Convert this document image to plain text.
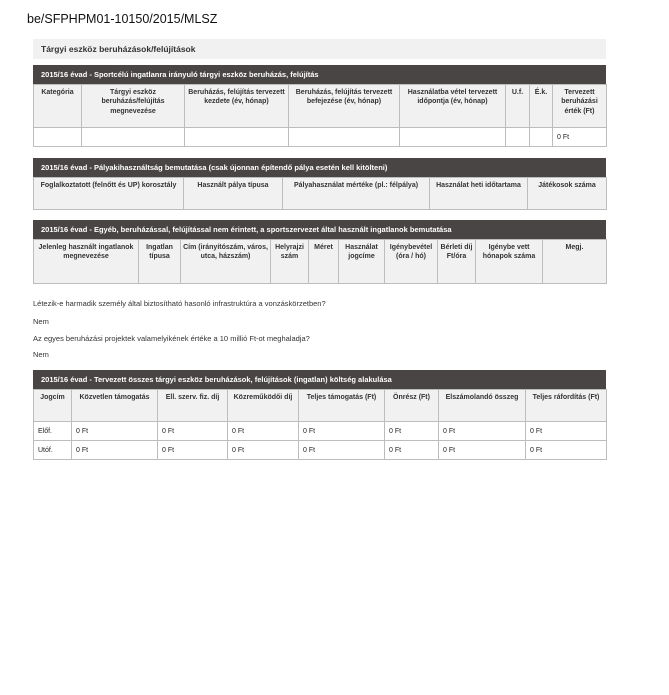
be/SFPHPM01-10150/2015/MLSZ
Tárgyi eszköz beruházások/felújítások
2015/16 évad - Sportcélú ingatlanra irányuló tárgyi eszköz beruházás, felújítás
Kategória	Tárgyi eszköz beruházás/felújítás megnevezése	Beruházás, felújítás tervezett kezdete (év, hónap)	Beruházás, felújítás tervezett befejezése (év, hónap)	Használatba vétel tervezett időpontja (év, hónap)	U.f.	É.k.	Tervezett beruházási érték (Ft)
							0 Ft
2015/16 évad - Pályakihasználtság bemutatása (csak újonnan építendő pálya esetén kell kitölteni)
Foglalkoztatott (felnőtt és UP) korosztály	Használt pálya típusa	Pályahasználat mértéke (pl.: félpálya)	Használat heti időtartama	Játékosok száma
2015/16 évad - Egyéb, beruházással, felújítással nem érintett, a sportszervezet által használt ingatlanok bemutatása
Jelenleg használt ingatlanok megnevezése	Ingatlan típusa	Cím (irányítószám, város, utca, házszám)	Helyrajzi szám	Méret	Használat jogcíme	Igénybevétel (óra / hó)	Bérleti díj Ft/óra	Igénybe vett hónapok száma	Megj.
Létezik-e harmadik személy által biztosítható hasonló infrastruktúra a vonzáskörzetben?
Nem
Az egyes beruházási projektek valamelyikének értéke a 10 millió Ft-ot meghaladja?
Nem
2015/16 évad - Tervezett összes tárgyi eszköz beruházások, felújítások (ingatlan) költség alakulása
Jogcím	Közvetlen támogatás	Ell. szerv. fiz. díj	Közreműködői díj	Teljes támogatás (Ft)	Önrész (Ft)	Elszámolandó összeg	Teljes ráfordítás (Ft)
Előf.	0 Ft	0 Ft	0 Ft	0 Ft	0 Ft	0 Ft	0 Ft
Utóf.	0 Ft	0 Ft	0 Ft	0 Ft	0 Ft	0 Ft	0 Ft
